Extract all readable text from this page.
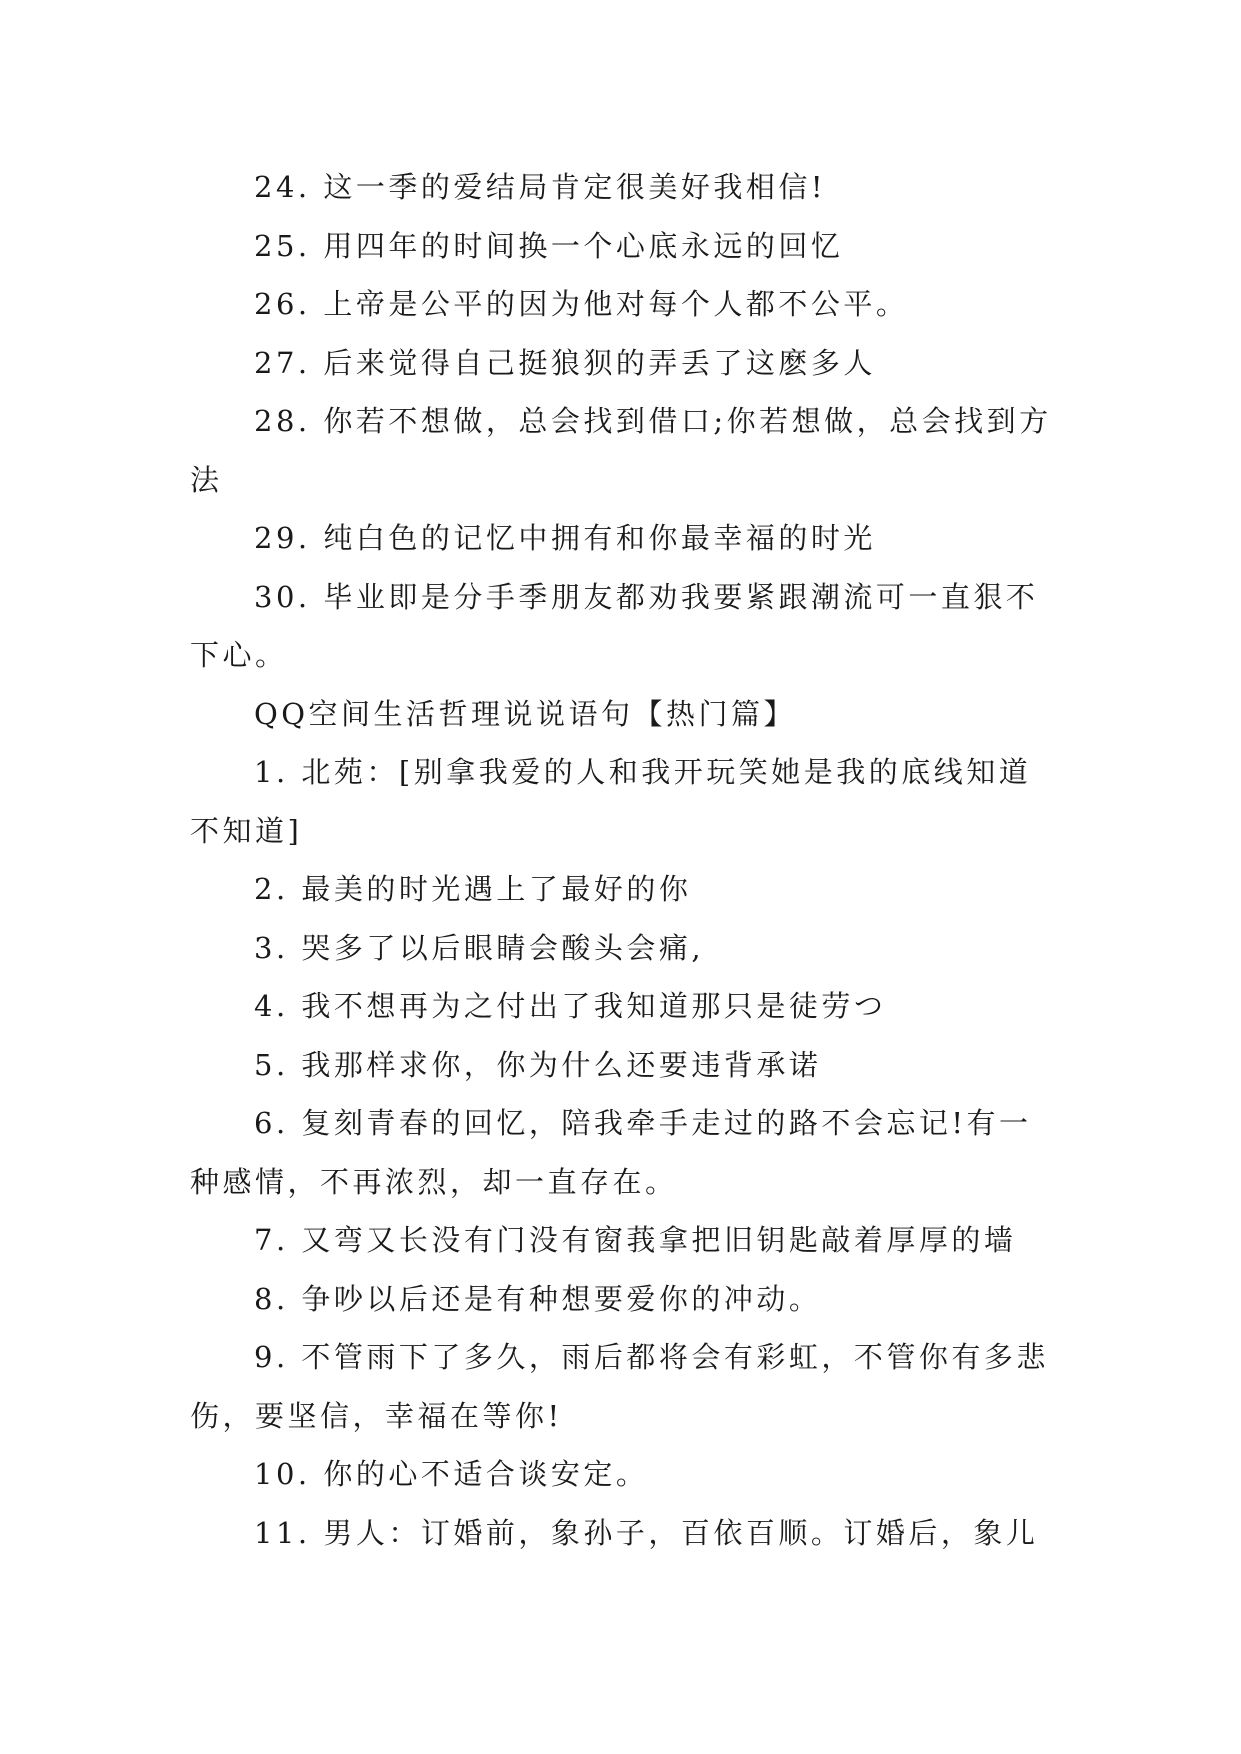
24. 这一季的爱结局肯定很美好我相信!

25. 用四年的时间换一个心底永远的回忆

26. 上帝是公平的因为他对每个人都不公平。

27. 后来觉得自己挺狼狈的弄丢了这麽多人

28. 你若不想做，总会找到借口;你若想做，总会找到方法

29. 纯白色的记忆中拥有和你最幸福的时光

30. 毕业即是分手季朋友都劝我要紧跟潮流可一直狠不下心。

QQ空间生活哲理说说语句【热门篇】

1. 北苑：[别拿我爱的人和我开玩笑她是我的底线知道不知道]

2. 最美的时光遇上了最好的你

3. 哭多了以后眼睛会酸头会痛,

4. 我不想再为之付出了我知道那只是徒劳つ

5. 我那样求你，你为什么还要违背承诺

6. 复刻青春的回忆，陪我牵手走过的路不会忘记!有一种感情，不再浓烈，却一直存在。

7. 又弯又长没有门没有窗莪拿把旧钥匙敲着厚厚的墙

8. 争吵以后还是有种想要爱你的冲动。

9. 不管雨下了多久，雨后都将会有彩虹，不管你有多悲伤，要坚信，幸福在等你!

10. 你的心不适合谈安定。

11. 男人：订婚前，象孙子，百依百顺。订婚后，象儿
